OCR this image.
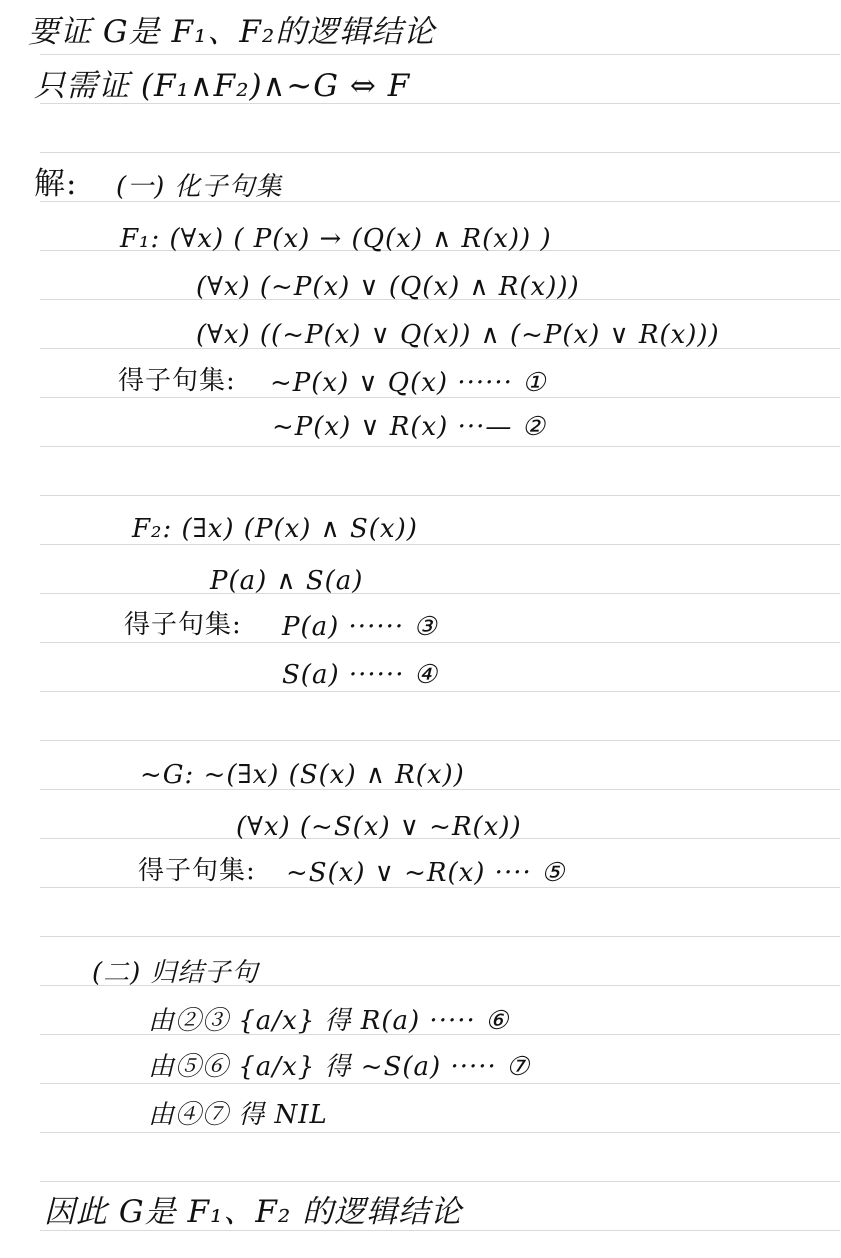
要证 G是 F₁、F₂的逻辑结论
只需证 (F₁∧F₂)∧~G ⇔ F
解: (一) 化子句集
F₁: (∀x) ( P(x) → (Q(x) ∧ R(x)) )
(∀x) (~P(x) ∨ (Q(x) ∧ R(x)))
(∀x) ((~P(x) ∨ Q(x)) ∧ (~P(x) ∨ R(x)))
得子句集: ~P(x) ∨ Q(x) ······ ①
~P(x) ∨ R(x) ···— ②
F₂: (∃x) (P(x) ∧ S(x))
P(a) ∧ S(a)
得子句集: P(a) ······ ③
S(a) ······ ④
~G: ~(∃x) (S(x) ∧ R(x))
(∀x) (~S(x) ∨ ~R(x))
得子句集: ~S(x) ∨ ~R(x) ···· ⑤
(二) 归结子句
由②③ {a/x} 得 R(a) ····· ⑥
由⑤⑥ {a/x} 得 ~S(a) ····· ⑦
由④⑦ 得 NIL
因此 G是 F₁、F₂ 的逻辑结论
